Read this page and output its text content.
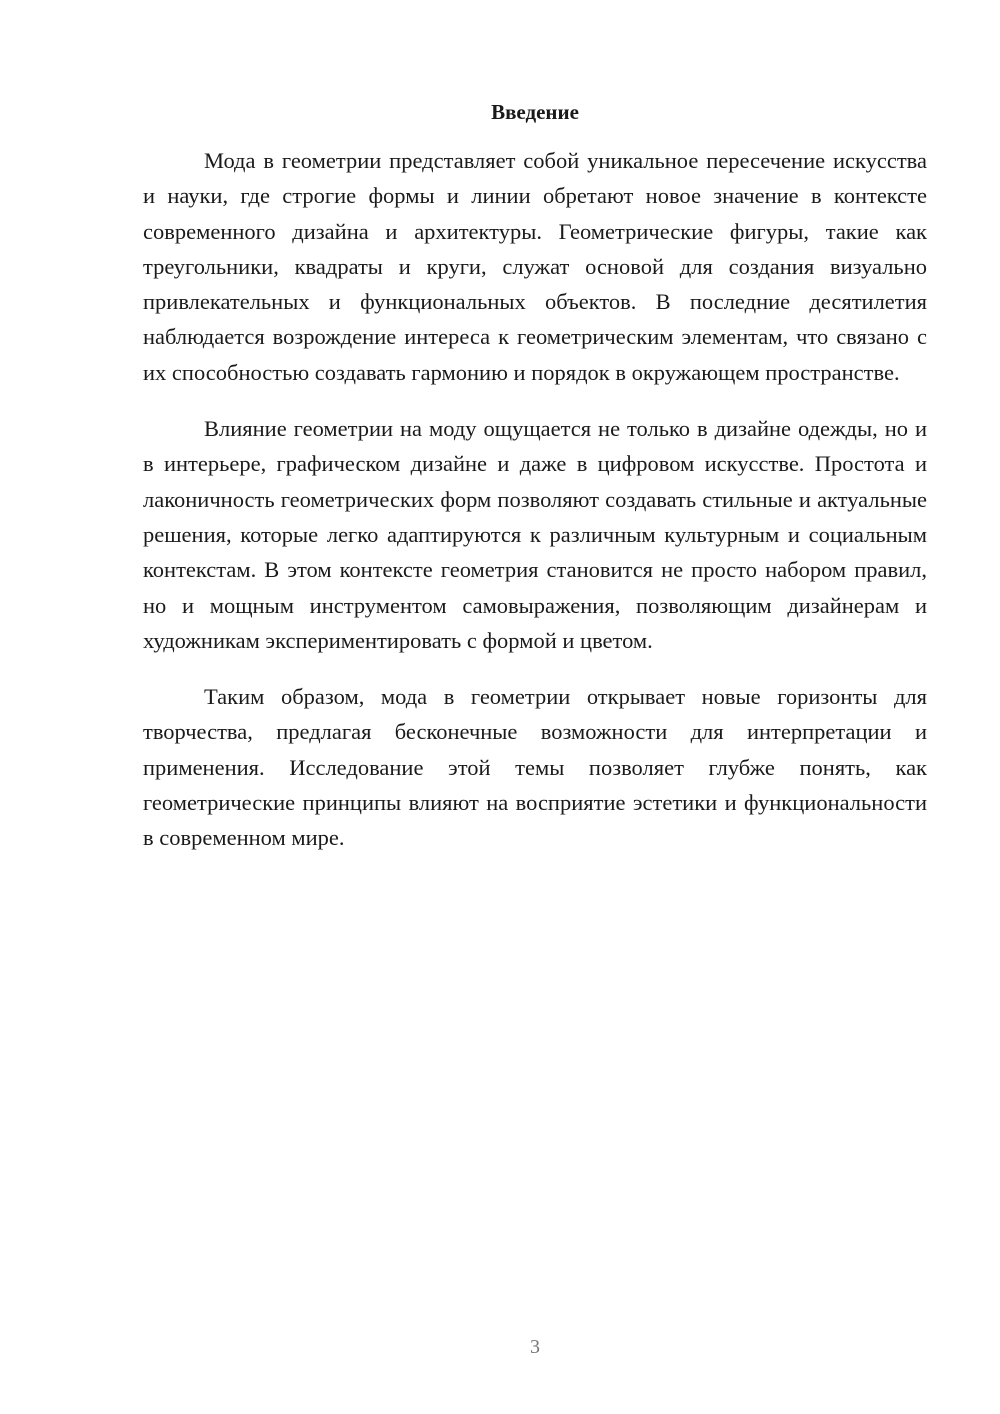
Введение

Мода в геометрии представляет собой уникальное пересечение искусства и науки, где строгие формы и линии обретают новое значение в контексте современного дизайна и архитектуры. Геометрические фигуры, такие как треугольники, квадраты и круги, служат основой для создания визуально привлекательных и функциональных объектов. В последние десятилетия наблюдается возрождение интереса к геометрическим элементам, что связано с их способностью создавать гармонию и порядок в окружающем пространстве.

Влияние геометрии на моду ощущается не только в дизайне одежды, но и в интерьере, графическом дизайне и даже в цифровом искусстве. Простота и лаконичность геометрических форм позволяют создавать стильные и актуальные решения, которые легко адаптируются к различным культурным и социальным контекстам. В этом контексте геометрия становится не просто набором правил, но и мощным инструментом самовыражения, позволяющим дизайнерам и художникам экспериментировать с формой и цветом.

Таким образом, мода в геометрии открывает новые горизонты для творчества, предлагая бесконечные возможности для интерпретации и применения. Исследование этой темы позволяет глубже понять, как геометрические принципы влияют на восприятие эстетики и функциональности в современном мире.

3
